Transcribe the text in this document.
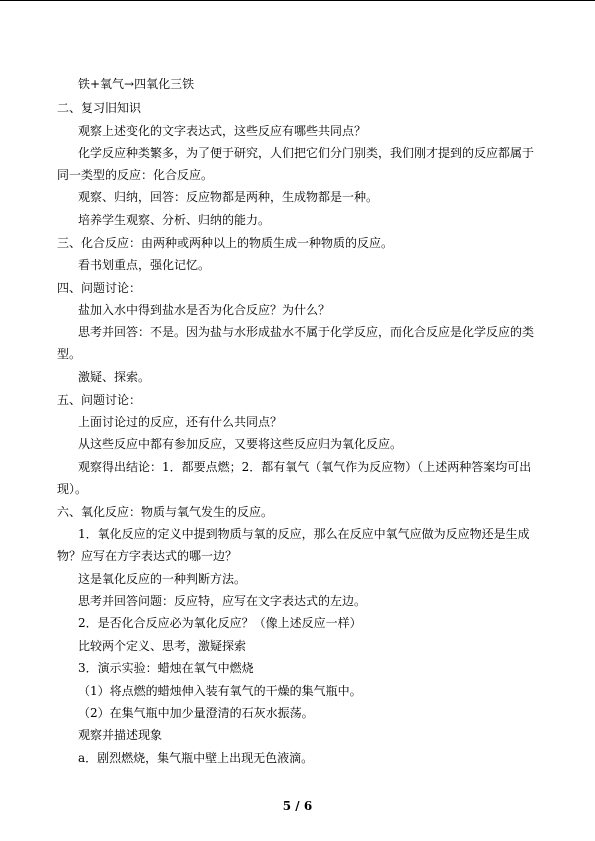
铁+氧气→四氧化三铁
二、复习旧知识
观察上述变化的文字表达式，这些反应有哪些共同点？
化学反应种类繁多，为了便于研究，人们把它们分门别类，我们刚才提到的反应都属于
同一类型的反应：化合反应。
观察、归纳，回答：反应物都是两种，生成物都是一种。
培养学生观察、分析、归纳的能力。
三、化合反应：由两种或两种以上的物质生成一种物质的反应。
看书划重点，强化记忆。
四、问题讨论：
盐加入水中得到盐水是否为化合反应？为什么？
思考并回答：不是。因为盐与水形成盐水不属于化学反应，而化合反应是化学反应的类
型。
激疑、探索。
五、问题讨论：
上面讨论过的反应，还有什么共同点？
从这些反应中都有参加反应，又要将这些反应归为氧化反应。
观察得出结论：1．都要点燃；2．都有氧气（氧气作为反应物）（上述两种答案均可出
现）。
六、氧化反应：物质与氧气发生的反应。
1．氧化反应的定义中提到物质与氧的反应，那么在反应中氧气应做为反应物还是生成
物？应写在方字表达式的哪一边？
这是氧化反应的一种判断方法。
思考并回答问题：反应特，应写在文字表达式的左边。
2．是否化合反应必为氧化反应？（像上述反应一样）
比较两个定义、思考，激疑探索
3．演示实验：蜡烛在氧气中燃烧
（1）将点燃的蜡烛伸入装有氧气的干燥的集气瓶中。
（2）在集气瓶中加少量澄清的石灰水振荡。
观察并描述现象
a．剧烈燃烧，集气瓶中壁上出现无色液滴。
5 / 6
